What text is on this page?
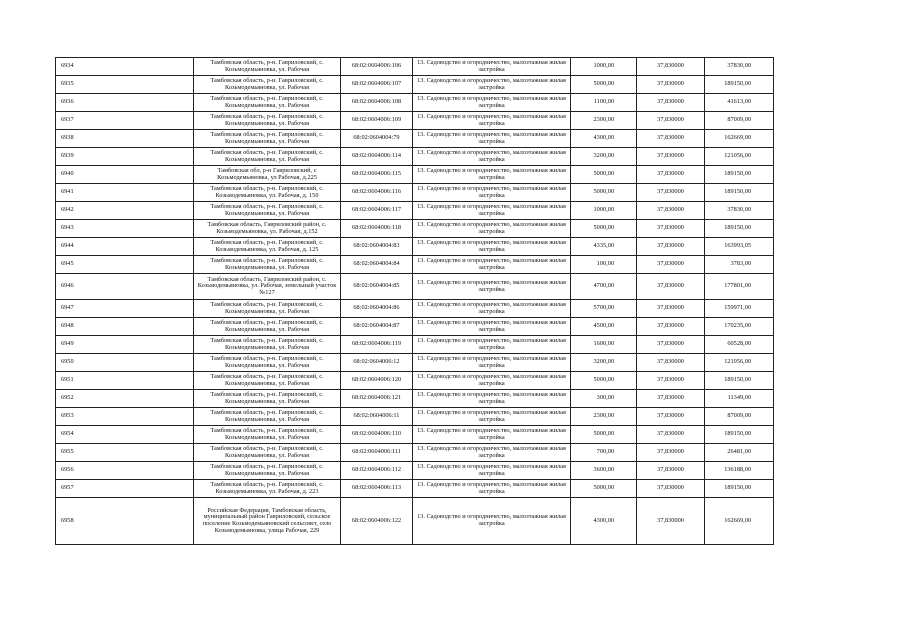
6934	Тамбовская область, р-н. Гавриловский, с. Козьмодемьяновка, ул. Рабочая	68:02:0604006:106	13. Садоводство и огородничество, малоэтажная жилая застройка	1000,00	37,830000	37830,00
6935	Тамбовская область, р-н. Гавриловский, с. Козьмодемьяновка, ул. Рабочая	68:02:0604006:107	13. Садоводство и огородничество, малоэтажная жилая застройка	5000,00	37,830000	189150,00
6936	Тамбовская область, р-н. Гавриловский, с. Козьмодемьяновка, ул. Рабочая	68:02:0604006:108	13. Садоводство и огородничество, малоэтажная жилая застройка	1100,00	37,830000	41613,00
6937	Тамбовская область, р-н. Гавриловский, с. Козьмодемьяновка, ул. Рабочая	68:02:0604006:109	13. Садоводство и огородничество, малоэтажная жилая застройка	2300,00	37,830000	87009,00
6938	Тамбовская область, р-н. Гавриловский, с. Козьмодемьяновка, ул. Рабочая	68:02:0604004:79	13. Садоводство и огородничество, малоэтажная жилая застройка	4300,00	37,830000	162669,00
6939	Тамбовская область, р-н. Гавриловский, с. Козьмодемьяновка, ул. Рабочая	68:02:0604006:114	13. Садоводство и огородничество, малоэтажная жилая застройка	3200,00	37,830000	121056,00
6940	Тамбовская обл, р-н Гавриловский, с Козьмодемьяновка, ул Рабочая, д.225	68:02:0604006:115	13. Садоводство и огородничество, малоэтажная жилая застройка	5000,00	37,830000	189150,00
6941	Тамбовская область, р-н. Гавриловский, с. Козьмодемьяновка, ул. Рабочая, д. 150	68:02:0604006:116	13. Садоводство и огородничество, малоэтажная жилая застройка	5000,00	37,830000	189150,00
6942	Тамбовская область, р-н. Гавриловский, с. Козьмодемьяновка, ул. Рабочая	68:02:0604006:117	13. Садоводство и огородничество, малоэтажная жилая застройка	1000,00	37,830000	37830,00
6943	Тамбовская область, Гавриловский район, с. Козьмодемьяновка, ул. Рабочая, д.152	68:02:0604006:118	13. Садоводство и огородничество, малоэтажная жилая застройка	5000,00	37,830000	189150,00
6944	Тамбовская область, р-н. Гавриловский, с. Козьмодемьяновка, ул. Рабочая, д. 125	68:02:0604004:83	13. Садоводство и огородничество, малоэтажная жилая застройка	4335,00	37,830000	163993,05
6945	Тамбовская область, р-н. Гавриловский, с. Козьмодемьяновка, ул. Рабочая	68:02:0604004:84	13. Садоводство и огородничество, малоэтажная жилая застройка	100,00	37,830000	3783,00
6946	Тамбовская область, Гавриловский район, с. Козьмодемьяновка, ул. Рабочая, земельный участок №127	68:02:0604004:85	13. Садоводство и огородничество, малоэтажная жилая застройка	4700,00	37,830000	177801,00
6947	Тамбовская область, р-н. Гавриловский, с. Козьмодемьяновка, ул. Рабочая	68:02:0604004:86	13. Садоводство и огородничество, малоэтажная жилая застройка	5700,00	37,830000	159971,00
6948	Тамбовская область, р-н. Гавриловский, с. Козьмодемьяновка, ул. Рабочая	68:02:0604004:87	13. Садоводство и огородничество, малоэтажная жилая застройка	4500,00	37,830000	170235,00
6949	Тамбовская область, р-н. Гавриловский, с. Козьмодемьяновка, ул. Рабочая	68:02:0604006:119	13. Садоводство и огородничество, малоэтажная жилая застройка	1600,00	37,830000	60528,00
6950	Тамбовская область, р-н. Гавриловский, с. Козьмодемьяновка, ул. Рабочая	68:02:0604006:12	13. Садоводство и огородничество, малоэтажная жилая застройка	3200,00	37,830000	121056,00
6951	Тамбовская область, р-н. Гавриловский, с. Козьмодемьяновка, ул. Рабочая	68:02:0604006:120	13. Садоводство и огородничество, малоэтажная жилая застройка	5000,00	37,830000	189150,00
6952	Тамбовская область, р-н. Гавриловский, с. Козьмодемьяновка, ул. Рабочая	68:02:0604006:121	13. Садоводство и огородничество, малоэтажная жилая застройка	300,00	37,830000	11349,00
6953	Тамбовская область, р-н. Гавриловский, с. Козьмодемьяновка, ул. Рабочая	68:02:0604006:11	13. Садоводство и огородничество, малоэтажная жилая застройка	2300,00	37,830000	87009,00
6954	Тамбовская область, р-н. Гавриловский, с. Козьмодемьяновка, ул. Рабочая	68:02:0604006:110	13. Садоводство и огородничество, малоэтажная жилая застройка	5000,00	37,830000	189150,00
6955	Тамбовская область, р-н. Гавриловский, с. Козьмодемьяновка, ул. Рабочая	68:02:0604006:111	13. Садоводство и огородничество, малоэтажная жилая застройка	700,00	37,830000	26481,00
6956	Тамбовская область, р-н. Гавриловский, с. Козьмодемьяновка, ул. Рабочая	68:02:0604006:112	13. Садоводство и огородничество, малоэтажная жилая застройка	3600,00	37,830000	136188,00
6957	Тамбовская область, р-н. Гавриловский, с. Козьмодемьяновка, ул. Рабочая, д. 223	68:02:0604006:113	13. Садоводство и огородничество, малоэтажная жилая застройка	5000,00	37,830000	189150,00
6958	Российская Федерация, Тамбовская область, муниципальный район Гавриловский, сельское поселение Козьмодемьяновский сельсовет, село Козьмодемьяновка, улица Рабочая, 229	68:02:0604006:122	13. Садоводство и огородничество, малоэтажная жилая застройка	4300,00	37,830000	162669,00
